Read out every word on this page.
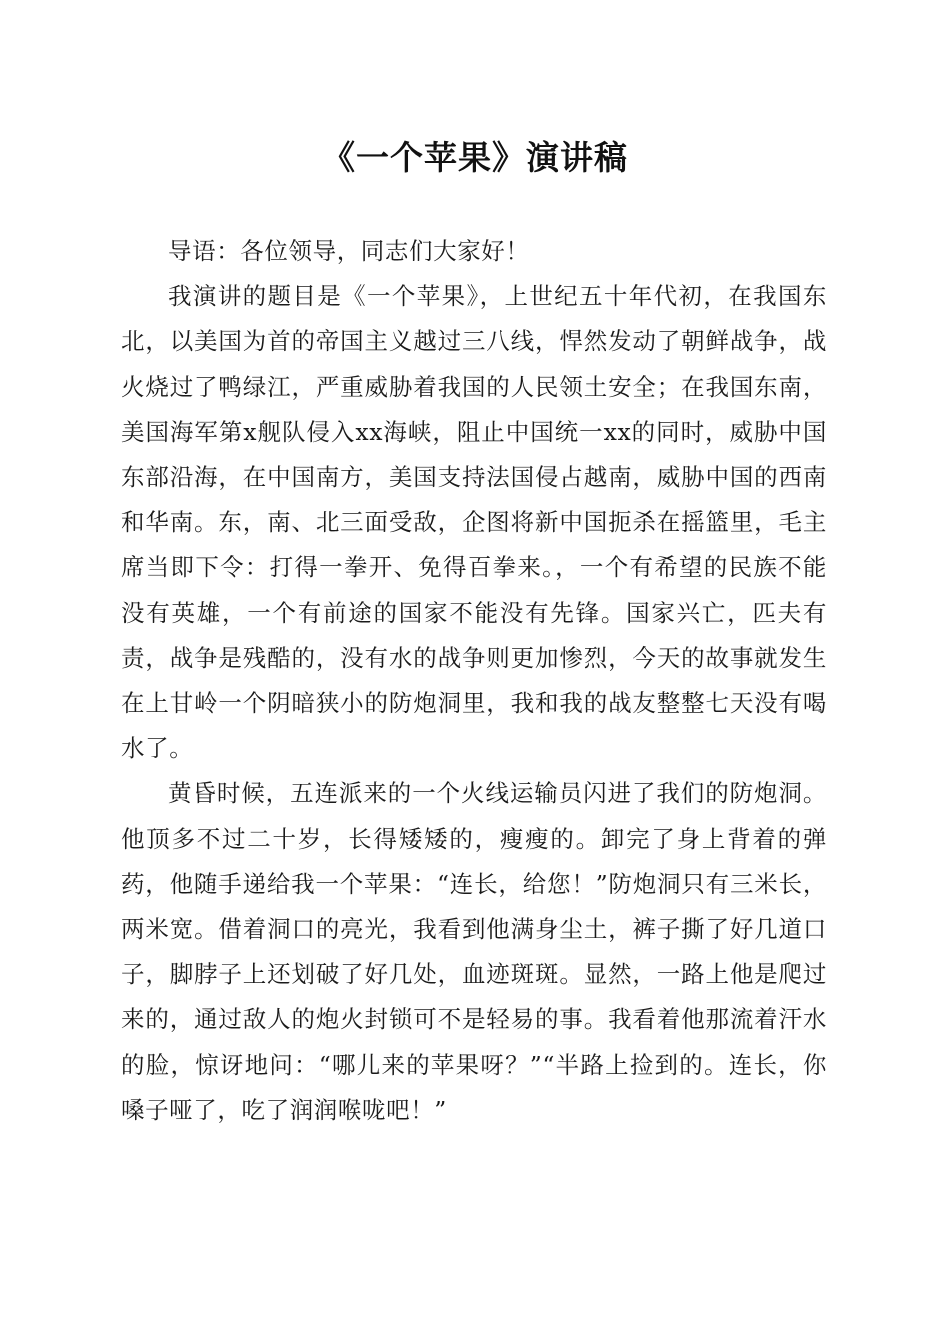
《一个苹果》演讲稿

导语：各位领导，同志们大家好！

我演讲的题目是《一个苹果》，上世纪五十年代初，在我国东北，以美国为首的帝国主义越过三八线，悍然发动了朝鲜战争，战火烧过了鸭绿江，严重威胁着我国的人民领土安全；在我国东南，美国海军第x舰队侵入xx海峡，阻止中国统一xx的同时，威胁中国东部沿海，在中国南方，美国支持法国侵占越南，威胁中国的西南和华南。东，南、北三面受敌，企图将新中国扼杀在摇篮里，毛主席当即下令：打得一拳开、免得百拳来。，一个有希望的民族不能没有英雄，一个有前途的国家不能没有先锋。国家兴亡，匹夫有责，战争是残酷的，没有水的战争则更加惨烈，今天的故事就发生在上甘岭一个阴暗狭小的防炮洞里，我和我的战友整整七天没有喝水了。

黄昏时候，五连派来的一个火线运输员闪进了我们的防炮洞。他顶多不过二十岁，长得矮矮的，瘦瘦的。卸完了身上背着的弹药，他随手递给我一个苹果：“连长，给您！”防炮洞只有三米长，两米宽。借着洞口的亮光，我看到他满身尘土，裤子撕了好几道口子，脚脖子上还划破了好几处，血迹斑斑。显然，一路上他是爬过来的，通过敌人的炮火封锁可不是轻易的事。我看着他那流着汗水的脸，惊讶地问：“哪儿来的苹果呀？”“半路上捡到的。连长，你嗓子哑了，吃了润润喉咙吧！”
